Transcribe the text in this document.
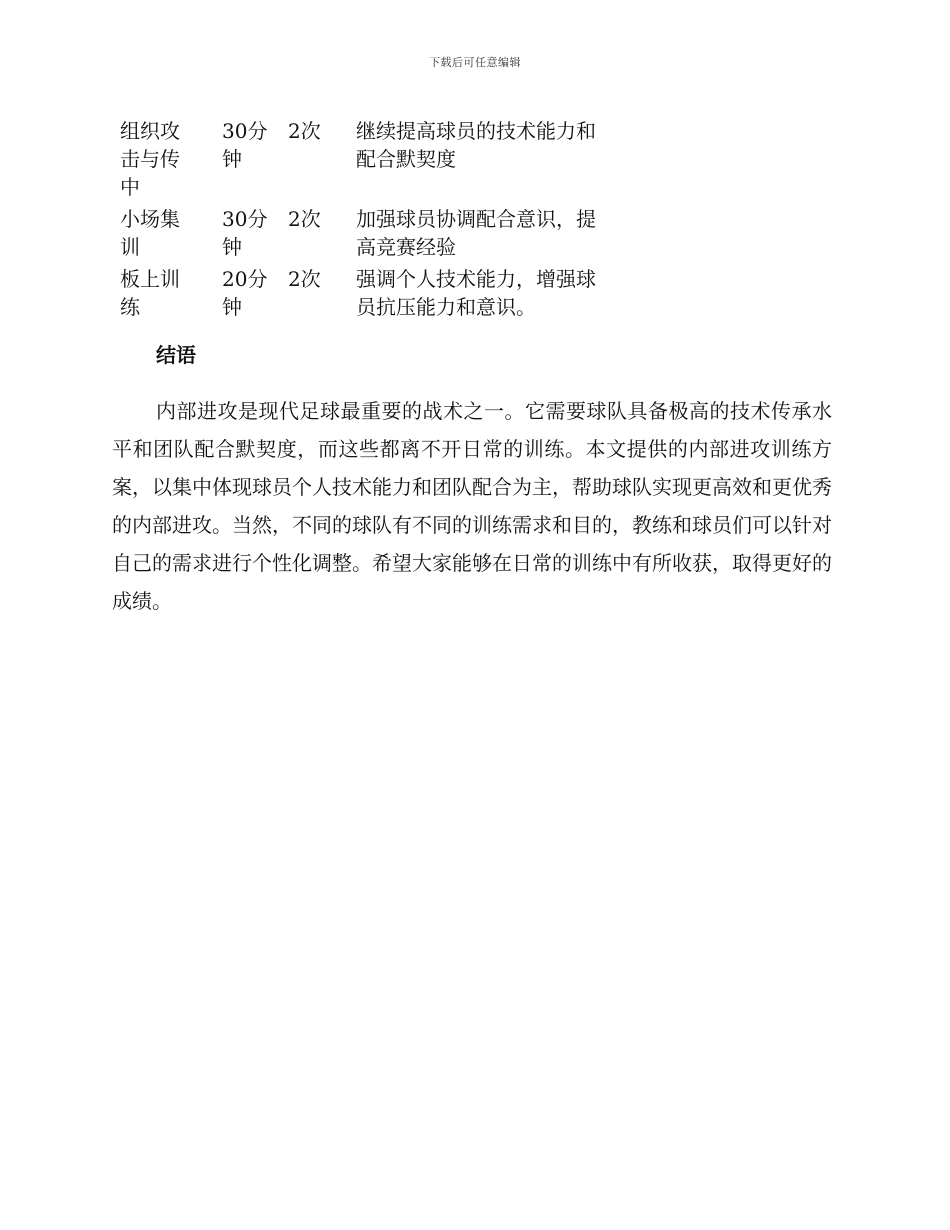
下载后可任意编辑
组织攻击与传中	30分钟	2次	继续提高球员的技术能力和配合默契度

小场集训	30分钟	2次	加强球员协调配合意识，提高竞赛经验

板上训练	20分钟	2次	强调个人技术能力，增强球员抗压能力和意识。
结语

内部进攻是现代足球最重要的战术之一。它需要球队具备极高的技术传承水平和团队配合默契度，而这些都离不开日常的训练。本文提供的内部进攻训练方案，以集中体现球员个人技术能力和团队配合为主，帮助球队实现更高效和更优秀的内部进攻。当然，不同的球队有不同的训练需求和目的，教练和球员们可以针对自己的需求进行个性化调整。希望大家能够在日常的训练中有所收获，取得更好的成绩。
